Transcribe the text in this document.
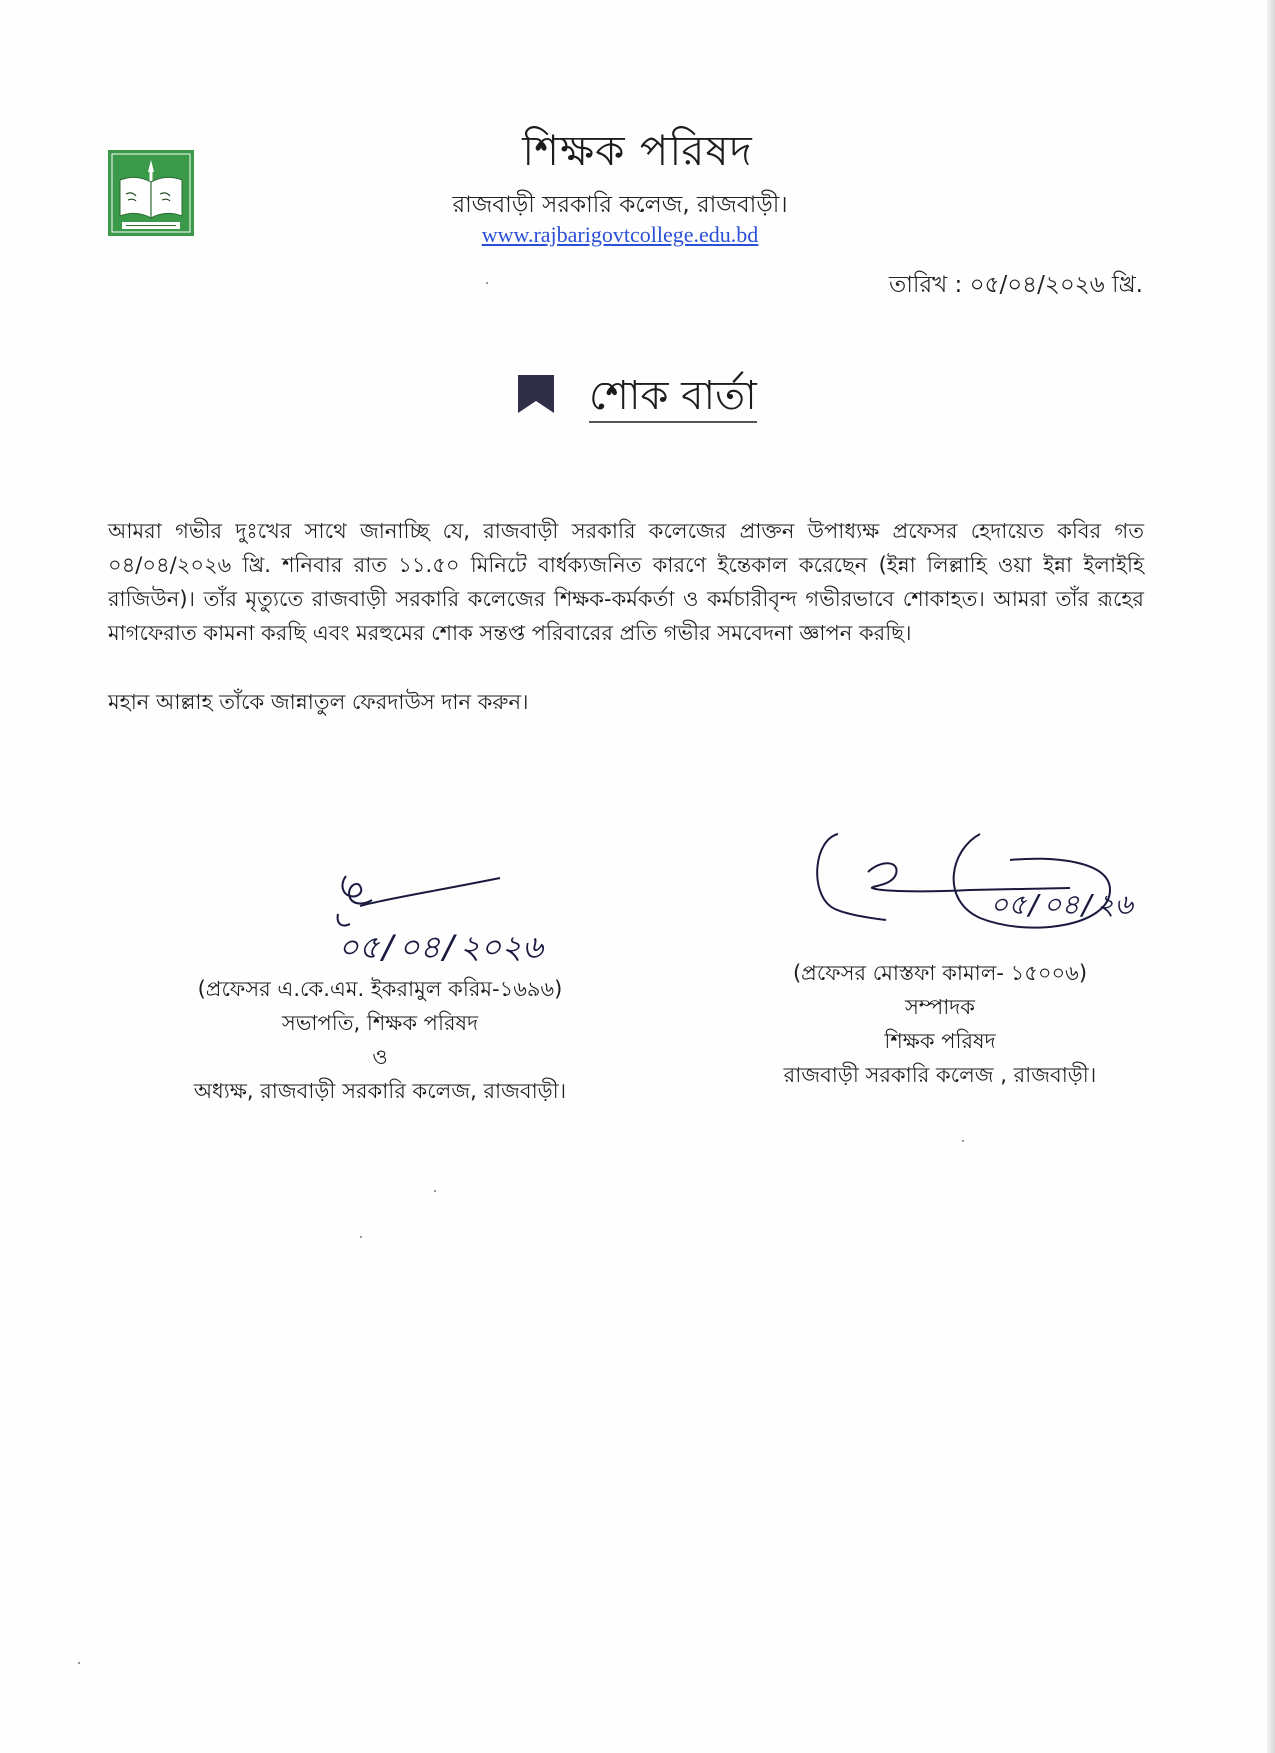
শিক্ষক পরিষদ
রাজবাড়ী সরকারি কলেজ, রাজবাড়ী।
www.rajbarigovtcollege.edu.bd
তারিখ : ০৫/০৪/২০২৬ খ্রি.
শোক বার্তা
আমরা গভীর দুঃখের সাথে জানাচ্ছি যে, রাজবাড়ী সরকারি কলেজের প্রাক্তন উপাধ্যক্ষ প্রফেসর হেদায়েত কবির গত ০৪/০৪/২০২৬ খ্রি. শনিবার রাত ১১.৫০ মিনিটে বার্ধক্যজনিত কারণে ইন্তেকাল করেছেন (ইন্না লিল্লাহি ওয়া ইন্না ইলাইহি রাজিউন)। তাঁর মৃত্যুতে রাজবাড়ী সরকারি কলেজের শিক্ষক-কর্মকর্তা ও কর্মচারীবৃন্দ গভীরভাবে শোকাহত। আমরা তাঁর রূহের মাগফেরাত কামনা করছি এবং মরহুমের শোক সন্তপ্ত পরিবারের প্রতি গভীর সমবেদনা জ্ঞাপন করছি।
মহান আল্লাহ তাঁকে জান্নাতুল ফেরদাউস দান করুন।
০৫/০৪/২০২৬
০৫/০৪/২৬
(প্রফেসর এ.কে.এম. ইকরামুল করিম-১৬৯৬)
সভাপতি, শিক্ষক পরিষদ
ও
অধ্যক্ষ, রাজবাড়ী সরকারি কলেজ, রাজবাড়ী।
(প্রফেসর মোস্তফা কামাল- ১৫০০৬)
সম্পাদক
শিক্ষক পরিষদ
রাজবাড়ী সরকারি কলেজ , রাজবাড়ী।
